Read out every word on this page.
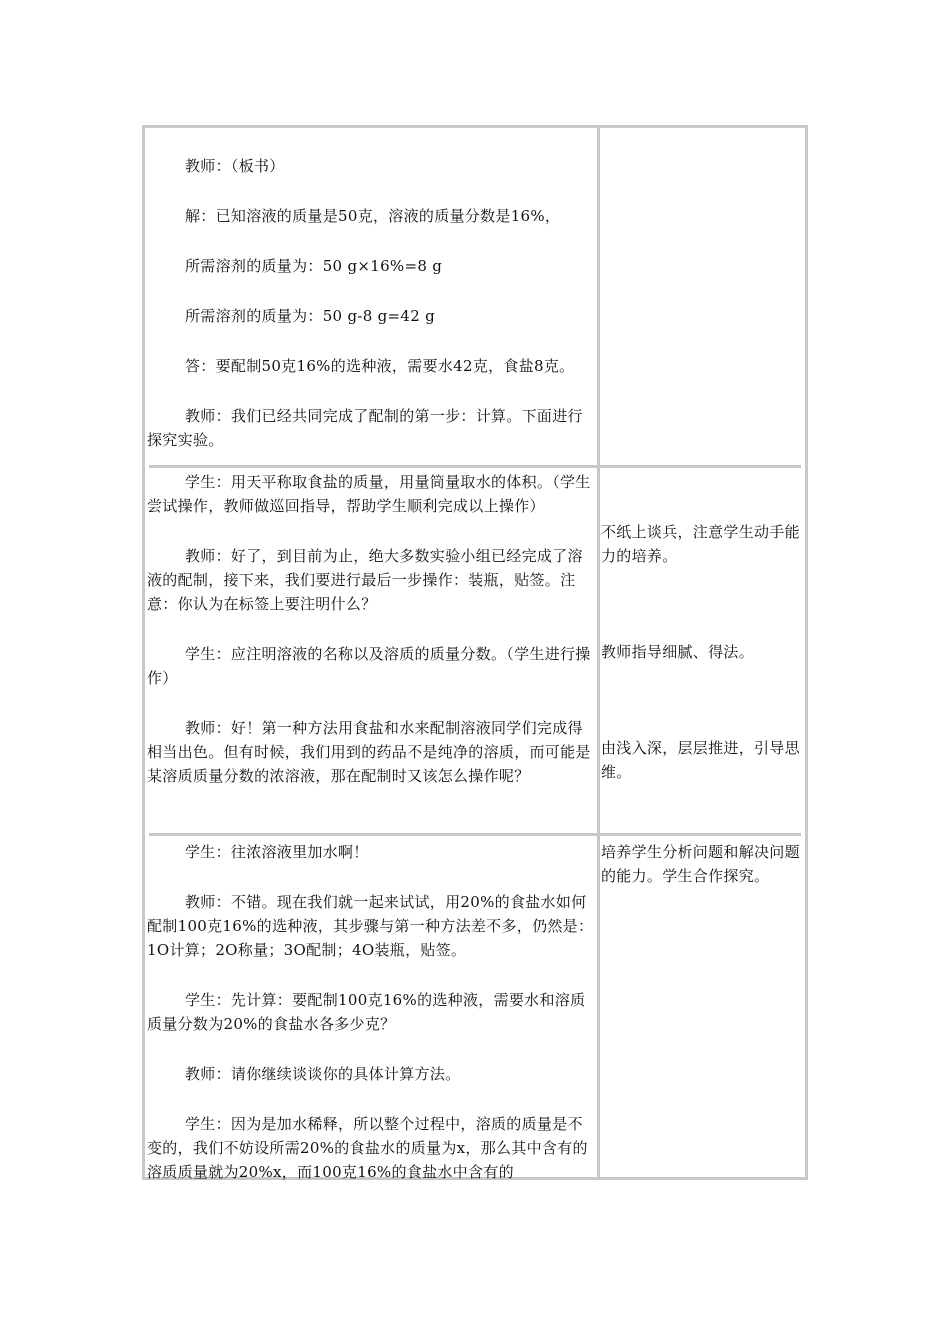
教师：（板书）

解：已知溶液的质量是50克，溶液的质量分数是16%，

所需溶剂的质量为：50 g×16%=8 g

所需溶剂的质量为：50 g-8 g=42 g

答：要配制50克16%的选种液，需要水42克，食盐8克。

教师：我们已经共同完成了配制的第一步：计算。下面进行探究实验。

学生：用天平称取食盐的质量，用量筒量取水的体积。（学生尝试操作，教师做巡回指导，帮助学生顺利完成以上操作）

教师：好了，到目前为止，绝大多数实验小组已经完成了溶液的配制，接下来，我们要进行最后一步操作：装瓶，贴签。注意：你认为在标签上要注明什么？

学生：应注明溶液的名称以及溶质的质量分数。（学生进行操作）

教师：好！第一种方法用食盐和水来配制溶液同学们完成得相当出色。但有时候，我们用到的药品不是纯净的溶质，而可能是某溶质质量分数的浓溶液，那在配制时又该怎么操作呢？

不纸上谈兵，注意学生动手能力的培养。

教师指导细腻、得法。

由浅入深，层层推进，引导思维。

学生：往浓溶液里加水啊！

教师：不错。现在我们就一起来试试，用20%的食盐水如何配制100克16%的选种液，其步骤与第一种方法差不多，仍然是：1O计算；2O称量；3O配制；4O装瓶，贴签。

学生：先计算：要配制100克16%的选种液，需要水和溶质质量分数为20%的食盐水各多少克？

教师：请你继续谈谈你的具体计算方法。

学生：因为是加水稀释，所以整个过程中，溶质的质量是不变的，我们不妨设所需20%的食盐水的质量为x，那么其中含有的溶质质量就为20%x，而100克16%的食盐水中含有的

培养学生分析问题和解决问题的能力。学生合作探究。
